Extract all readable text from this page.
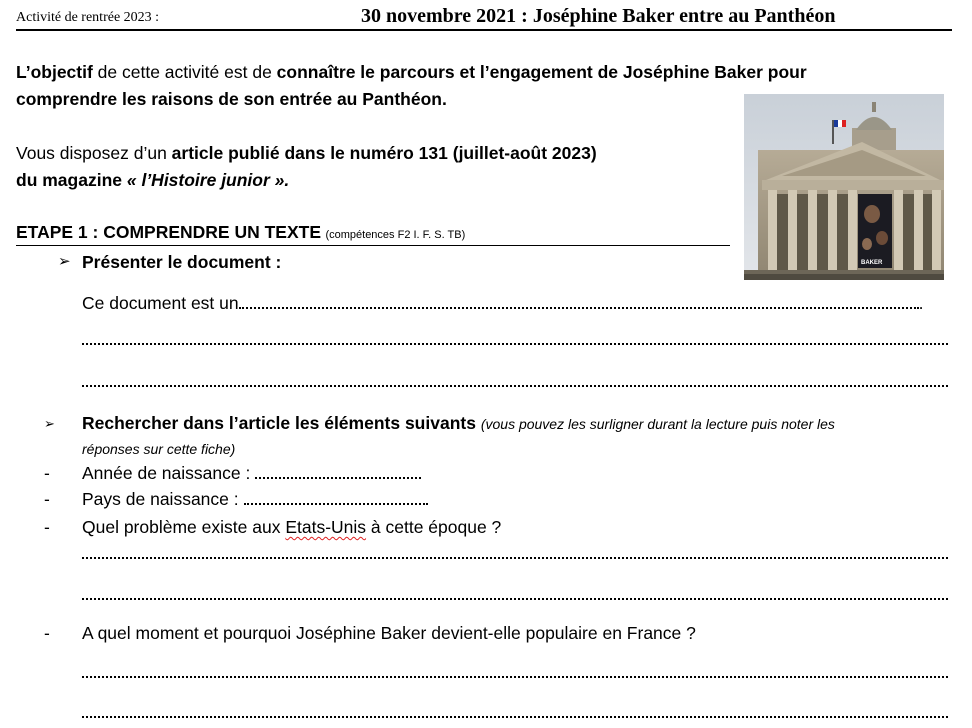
Activité de rentrée 2023 :	30 novembre 2021 : Joséphine Baker entre au Panthéon
L’objectif de cette activité est de connaître le parcours et l’engagement de Joséphine Baker pour
comprendre les raisons de son entrée au Panthéon.
BAKER
Vous disposez d’un article publié dans le numéro 131 (juillet-août 2023)
du magazine « l’Histoire junior ».
ETAPE 1 : COMPRENDRE UN TEXTE (compétences F2 I. F. S. TB)
➢ Présenter le document :
Ce document est un	.
➢ Rechercher dans l’article les éléments suivants (vous pouvez les surligner durant la lecture puis noter les
réponses sur cette fiche)
- Année de naissance :
- Pays de naissance :
- Quel problème existe aux Etats-Unis à cette époque ?
- A quel moment et pourquoi Joséphine Baker devient-elle populaire en France ?
